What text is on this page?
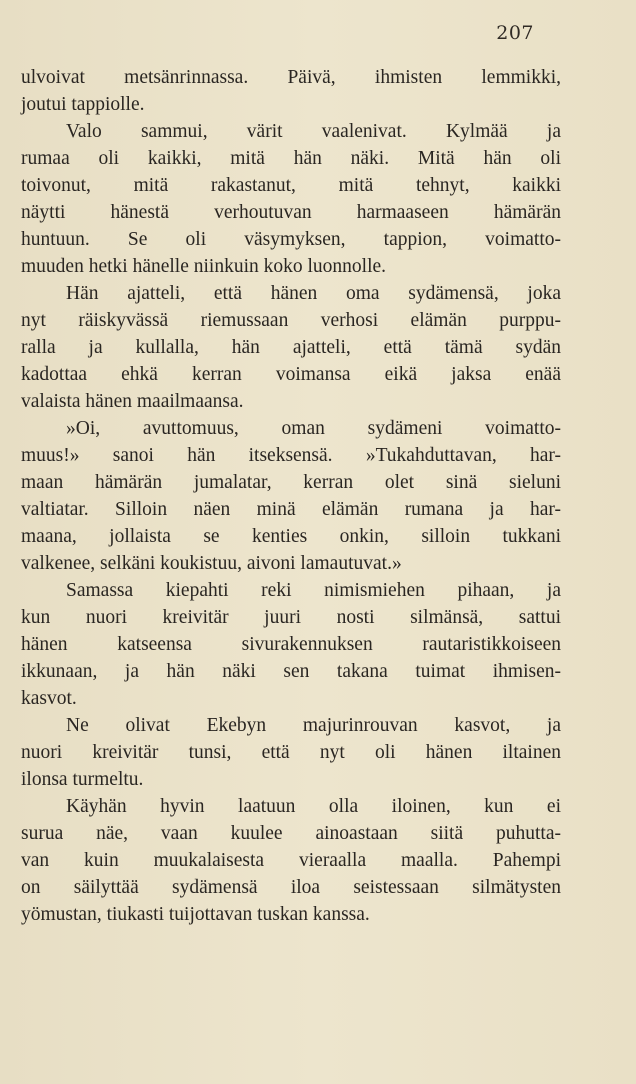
207
ulvoivat metsänrinnassa. Päivä, ihmisten lemmikki,
joutui tappiolle.
Valo sammui, värit vaalenivat. Kylmää ja
rumaa oli kaikki, mitä hän näki. Mitä hän oli
toivonut, mitä rakastanut, mitä tehnyt, kaikki
näytti hänestä verhoutuvan harmaaseen hämärän
huntuun. Se oli väsymyksen, tappion, voimatto-
muuden hetki hänelle niinkuin koko luonnolle.
Hän ajatteli, että hänen oma sydämensä, joka
nyt räiskyvässä riemussaan verhosi elämän purppu-
ralla ja kullalla, hän ajatteli, että tämä sydän
kadottaa ehkä kerran voimansa eikä jaksa enää
valaista hänen maailmaansa.
»Oi, avuttomuus, oman sydämeni voimatto-
muus!» sanoi hän itseksensä. »Tukahduttavan, har-
maan hämärän jumalatar, kerran olet sinä sieluni
valtiatar. Silloin näen minä elämän rumana ja har-
maana, jollaista se kenties onkin, silloin tukkani
valkenee, selkäni koukistuu, aivoni lamautuvat.»
Samassa kiepahti reki nimismiehen pihaan, ja
kun nuori kreivitär juuri nosti silmänsä, sattui
hänen katseensa sivurakennuksen rautaristikkoiseen
ikkunaan, ja hän näki sen takana tuimat ihmisen-
kasvot.
Ne olivat Ekebyn majurinrouvan kasvot, ja
nuori kreivitär tunsi, että nyt oli hänen iltainen
ilonsa turmeltu.
Käyhän hyvin laatuun olla iloinen, kun ei
surua näe, vaan kuulee ainoastaan siitä puhutta-
van kuin muukalaisesta vieraalla maalla. Pahempi
on säilyttää sydämensä iloa seistessaan silmätysten
yömustan, tiukasti tuijottavan tuskan kanssa.
